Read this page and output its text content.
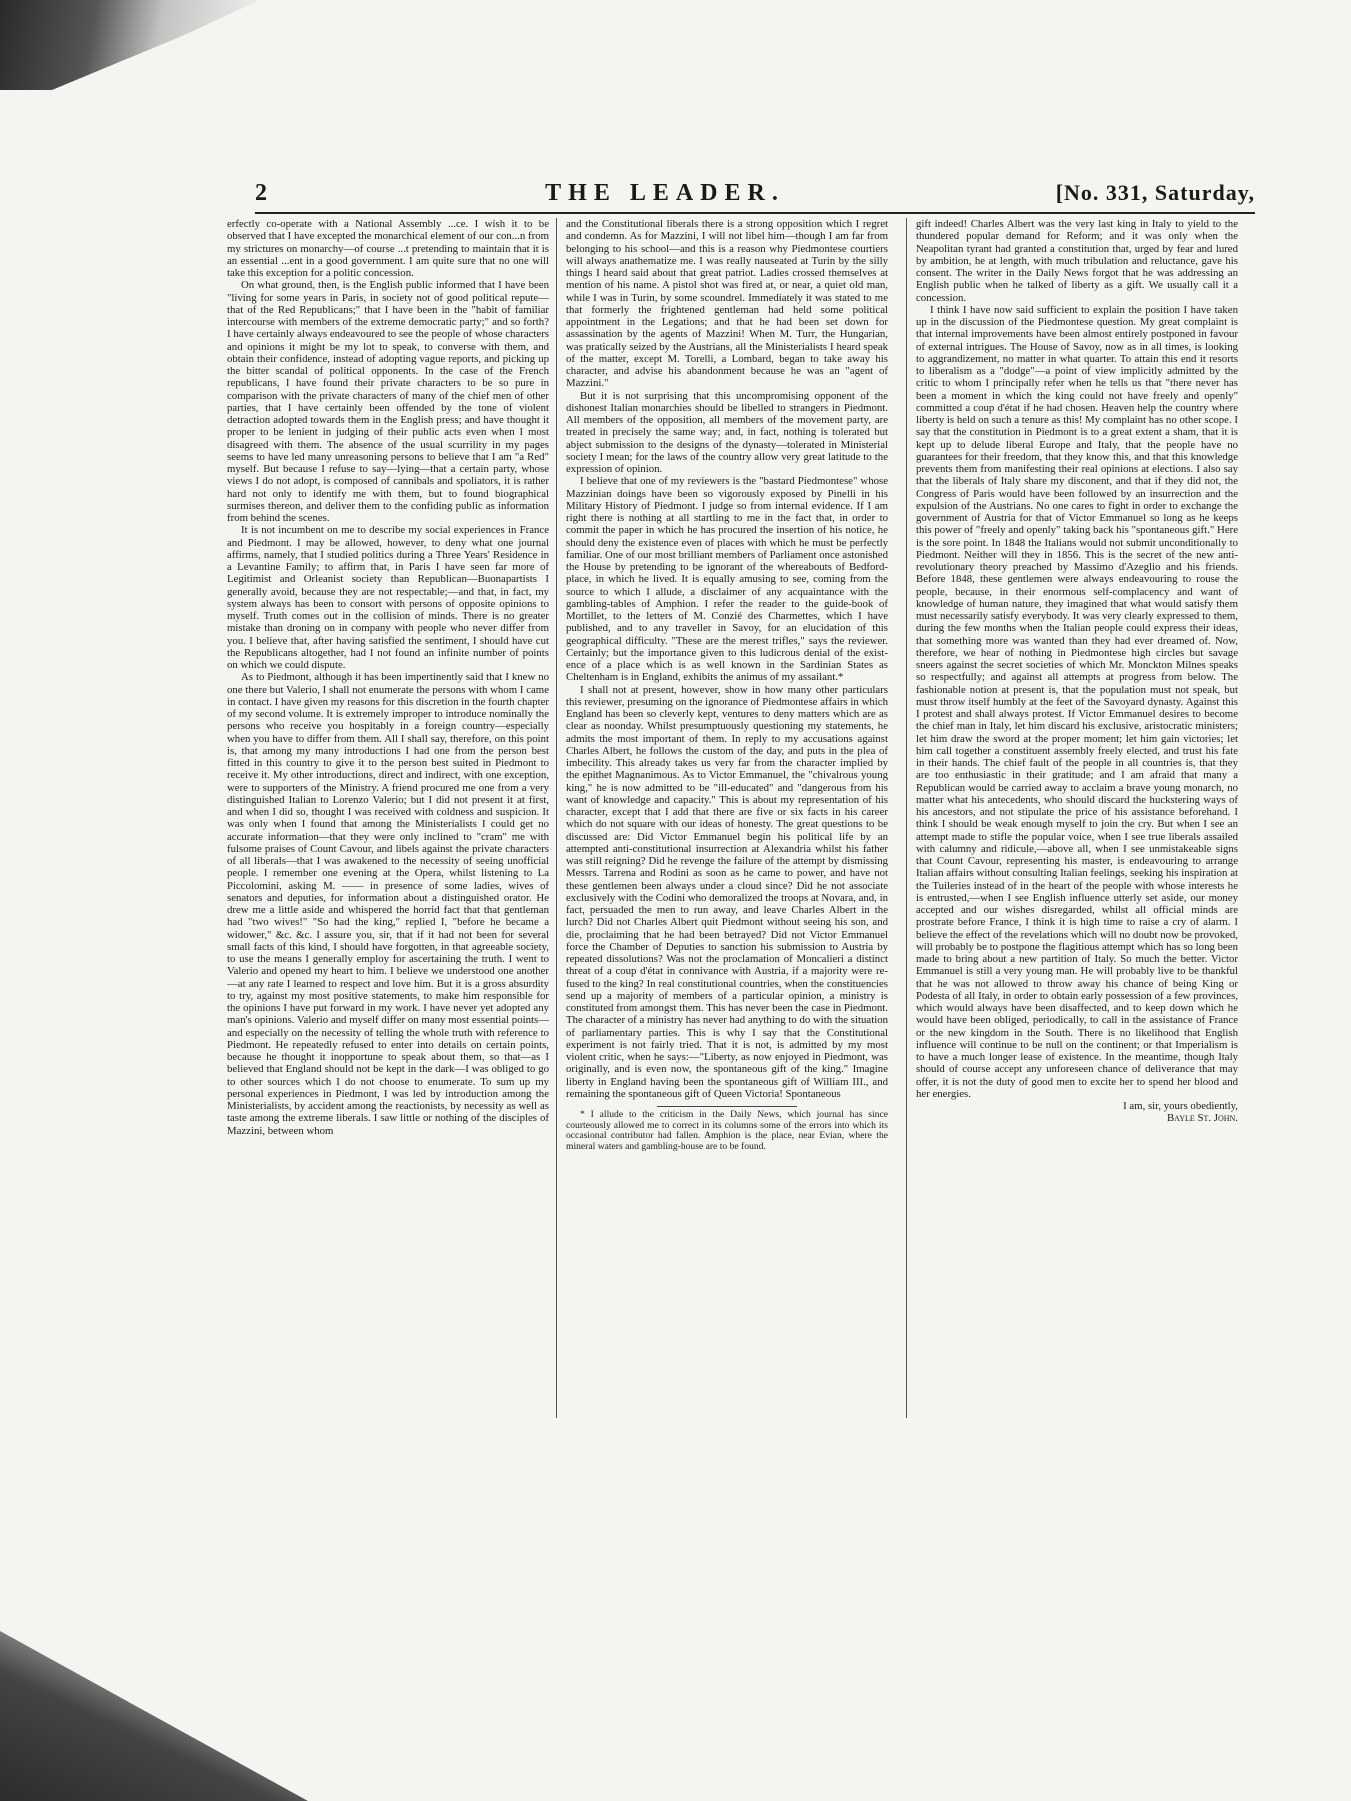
2	THE LEADER.	[No. 331, Saturday,

erfectly co-operate with a National Assembly ...ce. I wish it to be observed that I have excepted the monarchical element of our con...n from my strictures on monarchy—of course ...t pretending to maintain that it is an essential ...ent in a good government. I am quite sure that no one will take this exception for a politic concession.

On what ground, then, is the English public informed that I have been "living for some years in Paris, in society not of good political repute—that of the Red Republicans;" that I have been in the "habit of familiar intercourse with members of the extreme democratic party;" and so forth? I have certainly always endeavoured to see the people of whose characters and opinions it might be my lot to speak, to converse with them, and obtain their confidence, instead of adopting vague reports, and picking up the bitter scandal of political opponents. In the case of the French republicans, I have found their private characters to be so pure in comparison with the private characters of many of the chief men of other parties, that I have certainly been offended by the tone of violent detraction adopted towards them in the English press; and have thought it proper to be lenient in judging of their public acts even when I most disagreed with them. The absence of the usual scurrility in my pages seems to have led many unreasoning persons to believe that I am "a Red" myself. But because I refuse to say—lying—that a certain party, whose views I do not adopt, is composed of cannibals and spoliators, it is rather hard not only to identify me with them, but to found biographical surmises thereon, and deliver them to the confiding public as information from behind the scenes.

It is not incumbent on me to describe my social experiences in France and Piedmont. I may be allowed, however, to deny what one journal affirms, namely, that I studied politics during a Three Years' Residence in a Levantine Family; to affirm that, in Paris I have seen far more of Legitimist and Orleanist society than Republican—Buonapartists I generally avoid, because they are not respectable;—and that, in fact, my system always has been to consort with persons of opposite opinions to myself. Truth comes out in the collision of minds. There is no greater mistake than droning on in company with people who never differ from you. I believe that, after having satisfied the sentiment, I should have cut the Republicans altogether, had I not found an infinite number of points on which we could dispute.

As to Piedmont, although it has been impertinently said that I knew no one there but Valerio, I shall not enumerate the persons with whom I came in contact. I have given my reasons for this discretion in the fourth chapter of my second volume. It is extremely improper to introduce nominally the persons who receive you hospitably in a foreign country—especially when you have to differ from them. All I shall say, therefore, on this point is, that among my many introductions I had one from the person best fitted in this country to give it to the person best suited in Piedmont to receive it. My other introductions, direct and indirect, with one exception, were to supporters of the Ministry. A friend procured me one from a very distinguished Italian to Lorenzo Valerio; but I did not present it at first, and when I did so, thought I was received with coldness and suspicion. It was only when I found that among the Ministerialists I could get no accurate information—that they were only inclined to "cram" me with fulsome praises of Count Cavour, and libels against the private characters of all liberals—that I was awakened to the necessity of seeing unofficial people. I remember one evening at the Opera, whilst listening to La Piccolomini, asking M. —— in presence of some ladies, wives of senators and deputies, for information about a distinguished orator. He drew me a little aside and whispered the horrid fact that that gentleman had "two wives!" "So had the king," replied I, "before he became a widower," &c. &c. I assure you, sir, that if it had not been for several small facts of this kind, I should have forgotten, in that agreeable society, to use the means I generally employ for ascertaining the truth. I went to Valerio and opened my heart to him. I believe we understood one another—at any rate I learned to respect and love him. But it is a gross absurdity to try, against my most positive statements, to make him responsible for the opinions I have put forward in my work. I have never yet adopted any man's opinions. Valerio and myself differ on many most essential points—and especially on the necessity of telling the whole truth with reference to Piedmont. He repeatedly refused to enter into details on certain points, because he thought it inopportune to speak about them, so that—as I believed that England should not be kept in the dark—I was obliged to go to other sources which I do not choose to enumerate. To sum up my personal experiences in Piedmont, I was led by introduction among the Ministerialists, by accident among the reactionists, by necessity as well as taste among the extreme liberals. I saw little or nothing of the disciples of Mazzini, between whom

and the Constitutional liberals there is a strong opposition which I regret and condemn. As for Mazzini, I will not libel him—though I am far from belonging to his school—and this is a reason why Piedmontese courtiers will always anathematize me. I was really nauseated at Turin by the silly things I heard said about that great patriot. Ladies crossed themselves at mention of his name. A pistol shot was fired at, or near, a quiet old man, while I was in Turin, by some scoundrel. Immediately it was stated to me that formerly the frightened gentleman had held some political appointment in the Legations; and that he had been set down for assassination by the agents of Mazzini! When M. Turr, the Hungarian, was pratically seized by the Austrians, all the Ministerialists I heard speak of the matter, except M. Torelli, a Lombard, began to take away his character, and advise his abandonment because he was an "agent of Mazzini."

But it is not surprising that this uncompromising opponent of the dishonest Italian monarchies should be libelled to strangers in Piedmont. All members of the opposition, all members of the movement party, are treated in precisely the same way; and, in fact, nothing is tolerated but abject submission to the designs of the dynasty—tolerated in Ministerial society I mean; for the laws of the country allow very great latitude to the expression of opinion.

I believe that one of my reviewers is the "bastard Piedmontese" whose Mazzinian doings have been so vigorously exposed by Pinelli in his Military History of Piedmont. I judge so from internal evidence. If I am right there is nothing at all startling to me in the fact that, in order to commit the paper in which he has procured the insertion of his notice, he should deny the existence even of places with which he must be perfectly familiar. One of our most brilliant members of Parliament once astonished the House by pretending to be ignorant of the whereabouts of Bedford-place, in which he lived. It is equally amusing to see, coming from the source to which I allude, a disclaimer of any acquaintance with the gambling-tables of Amphion. I refer the reader to the guide-book of Mortillet, to the letters of M. Conzié des Charmettes, which I have published, and to any traveller in Savoy, for an elucidation of this geographical difficulty. "These are the merest trifles," says the reviewer. Certainly; but the importance given to this ludicrous denial of the existence of a place which is as well known in the Sardinian States as Cheltenham is in England, exhibits the animus of my assailant.*

I shall not at present, however, show in how many other particulars this reviewer, presuming on the ignorance of Piedmontese affairs in which England has been so cleverly kept, ventures to deny matters which are as clear as noonday. Whilst presumptuously questioning my statements, he admits the most important of them. In reply to my accusations against Charles Albert, he follows the custom of the day, and puts in the plea of imbecility. This already takes us very far from the character implied by the epithet Magnanimous. As to Victor Emmanuel, the "chivalrous young king," he is now admitted to be "ill-educated" and "dangerous from his want of knowledge and capacity." This is about my representation of his character, except that I add that there are five or six facts in his career which do not square with our ideas of honesty. The great questions to be discussed are: Did Victor Emmanuel begin his political life by an attempted anti-constitutional insurrection at Alexandria whilst his father was still reigning? Did he revenge the failure of the attempt by dismissing Messrs. Tarrena and Rodini as soon as he came to power, and have not these gentlemen been always under a cloud since? Did he not associate exclusively with the Codini who demoralized the troops at Novara, and, in fact, persuaded the men to run away, and leave Charles Albert in the lurch? Did not Charles Albert quit Piedmont without seeing his son, and die, proclaiming that he had been betrayed? Did not Victor Emmanuel force the Chamber of Deputies to sanction his submission to Austria by repeated dissolutions? Was not the proclamation of Moncalieri a distinct threat of a coup d'état in connivance with Austria, if a majority were refused to the king? In real constitutional countries, when the constituencies send up a majority of members of a particular opinion, a ministry is constituted from amongst them. This has never been the case in Piedmont. The character of a ministry has never had anything to do with the situation of parliamentary parties. This is why I say that the Constitutional experiment is not fairly tried. That it is not, is admitted by my most violent critic, when he says:—"Liberty, as now enjoyed in Piedmont, was originally, and is even now, the spontaneous gift of the king." Imagine liberty in England having been the spontaneous gift of William III., and remaining the spontaneous gift of Queen Victoria! Spontaneous

* I allude to the criticism in the Daily News, which journal has since courteously allowed me to correct in its columns some of the errors into which its occasional contributor had fallen. Amphion is the place, near Evian, where the mineral waters and gambling-house are to be found.

gift indeed! Charles Albert was the very last king in Italy to yield to the thundered popular demand for Reform; and it was only when the Neapolitan tyrant had granted a constitution that, urged by fear and lured by ambition, he at length, with much tribulation and reluctance, gave his consent. The writer in the Daily News forgot that he was addressing an English public when he talked of liberty as a gift. We usually call it a concession.

I think I have now said sufficient to explain the position I have taken up in the discussion of the Piedmontese question. My great complaint is that internal improvements have been almost entirely postponed in favour of external intrigues. The House of Savoy, now as in all times, is looking to aggrandizement, no matter in what quarter. To attain this end it resorts to liberalism as a "dodge"—a point of view implicitly admitted by the critic to whom I principally refer when he tells us that "there never has been a moment in which the king could not have freely and openly" committed a coup d'état if he had chosen. Heaven help the country where liberty is held on such a tenure as this! My complaint has no other scope. I say that the constitution in Piedmont is to a great extent a sham, that it is kept up to delude liberal Europe and Italy, that the people have no guarantees for their freedom, that they know this, and that this knowledge prevents them from manifesting their real opinions at elections. I also say that the liberals of Italy share my disconent, and that if they did not, the Congress of Paris would have been followed by an insurrection and the expulsion of the Austrians. No one cares to fight in order to exchange the government of Austria for that of Victor Emmanuel so long as he keeps this power of "freely and openly" taking back his "spontaneous gift." Here is the sore point. In 1848 the Italians would not submit unconditionally to Piedmont. Neither will they in 1856. This is the secret of the new anti-revolutionary theory preached by Massimo d'Azeglio and his friends. Before 1848, these gentlemen were always endeavouring to rouse the people, because, in their enormous self-complacency and want of knowledge of human nature, they imagined that what would satisfy them must necessarily satisfy everybody. It was very clearly expressed to them, during the few months when the Italian people could express their ideas, that something more was wanted than they had ever dreamed of. Now, therefore, we hear of nothing in Piedmontese high circles but savage sneers against the secret societies of which Mr. Monckton Milnes speaks so respectfully; and against all attempts at progress from below. The fashionable notion at present is, that the population must not speak, but must throw itself humbly at the feet of the Savoyard dynasty. Against this I protest and shall always protest. If Victor Emmanuel desires to become the chief man in Italy, let him discard his exclusive, aristocratic ministers; let him draw the sword at the proper moment; let him gain victories; let him call together a constituent assembly freely elected, and trust his fate in their hands. The chief fault of the people in all countries is, that they are too enthusiastic in their gratitude; and I am afraid that many a Republican would be carried away to acclaim a brave young monarch, no matter what his antecedents, who should discard the huckstering ways of his ancestors, and not stipulate the price of his assistance beforehand. I think I should be weak enough myself to join the cry. But when I see an attempt made to stifle the popular voice, when I see true liberals assailed with calumny and ridicule,—above all, when I see unmistakeable signs that Count Cavour, representing his master, is endeavouring to arrange Italian affairs without consulting Italian feelings, seeking his inspiration at the Tuileries instead of in the heart of the people with whose interests he is entrusted,—when I see English influence utterly set aside, our money accepted and our wishes disregarded, whilst all official minds are prostrate before France, I think it is high time to raise a cry of alarm. I believe the effect of the revelations which will no doubt now be provoked, will probably be to postpone the flagitious attempt which has so long been made to bring about a new partition of Italy. So much the better. Victor Emmanuel is still a very young man. He will probably live to be thankful that he was not allowed to throw away his chance of being King or Podesta of all Italy, in order to obtain early possession of a few provinces, which would always have been disaffected, and to keep down which he would have been obliged, periodically, to call in the assistance of France or the new kingdom in the South. There is no likelihood that English influence will continue to be null on the continent; or that Imperialism is to have a much longer lease of existence. In the meantime, though Italy should of course accept any unforeseen chance of deliverance that may offer, it is not the duty of good men to excite her to spend her blood and her energies.

I am, sir, yours obediently,

Bayle St. John.
